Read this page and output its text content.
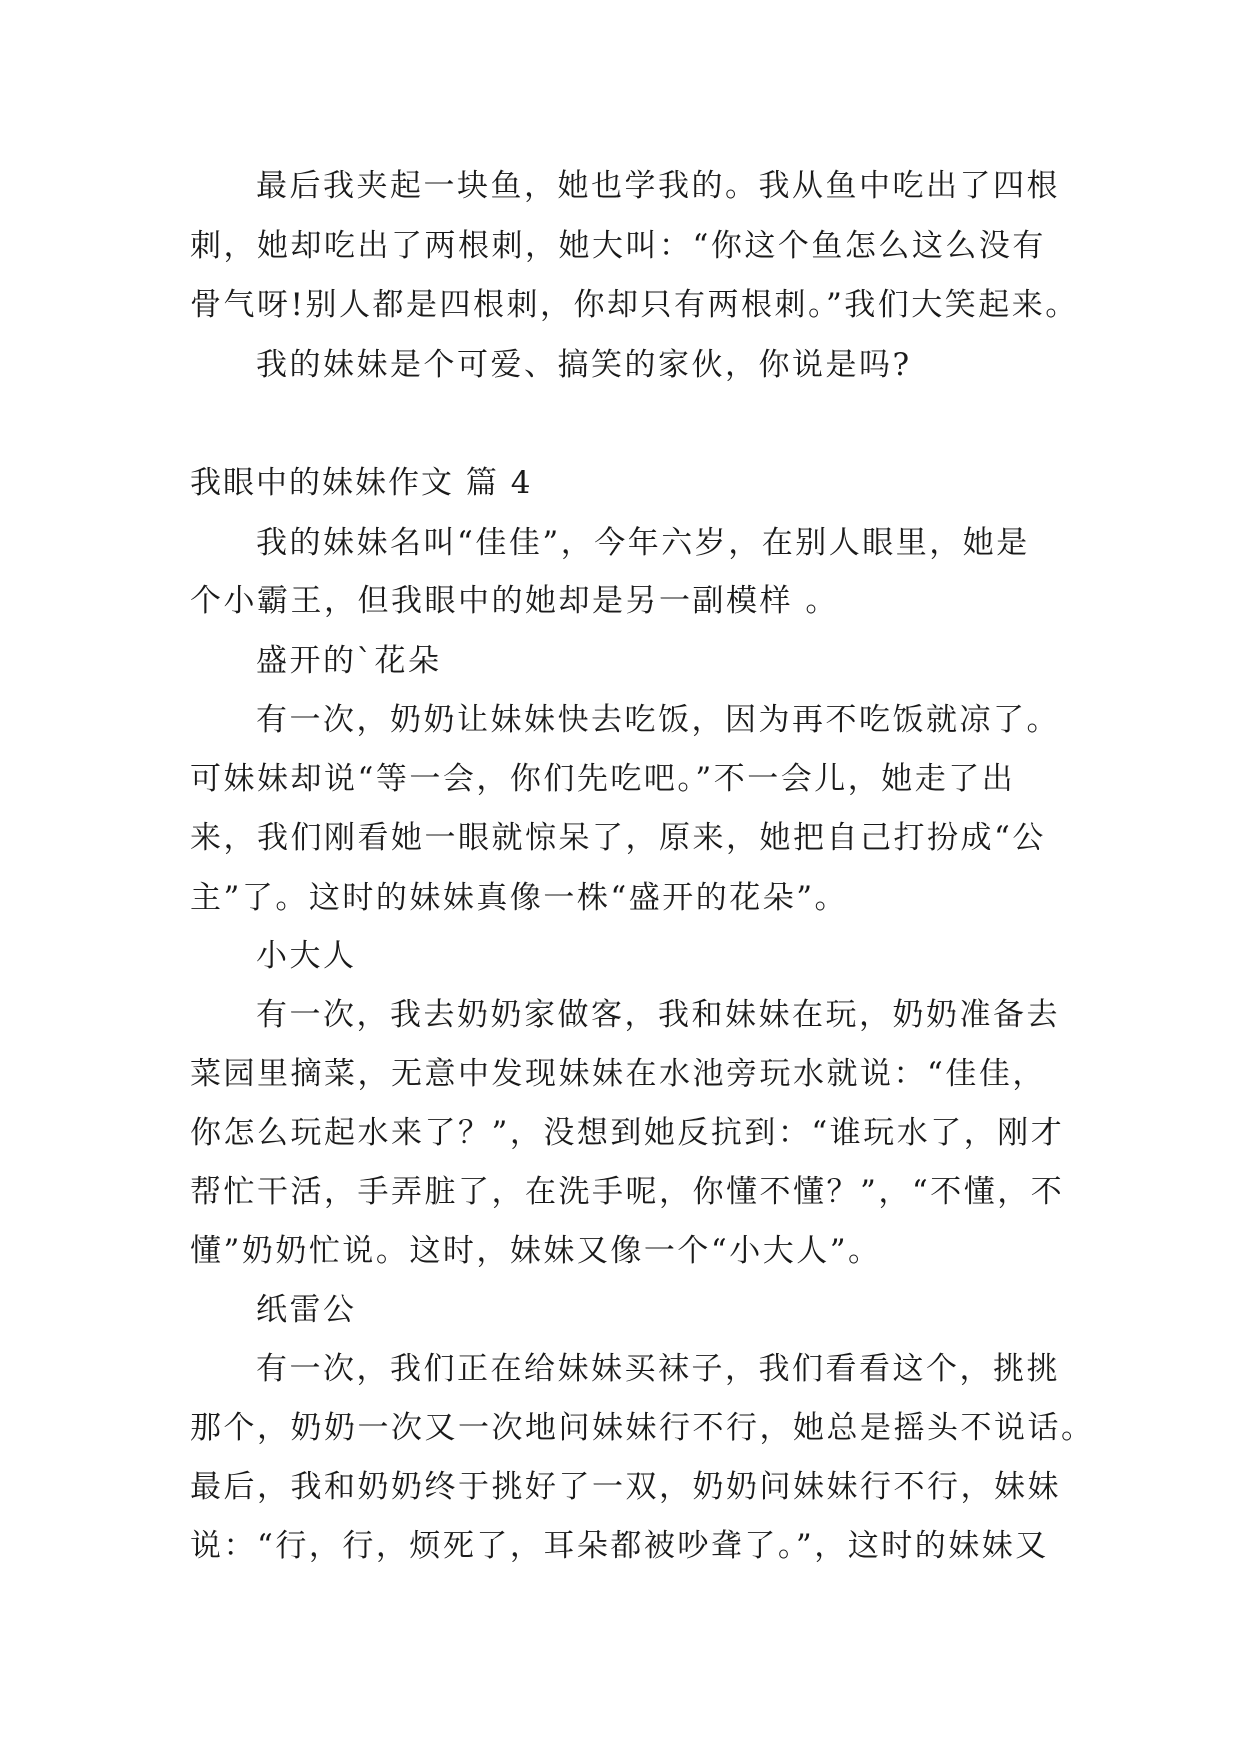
最后我夹起一块鱼，她也学我的。我从鱼中吃出了四根
刺，她却吃出了两根刺，她大叫：“你这个鱼怎么这么没有
骨气呀!别人都是四根刺，你却只有两根刺。”我们大笑起来。
我的妹妹是个可爱、搞笑的家伙，你说是吗?
我眼中的妹妹作文 篇 4
我的妹妹名叫“佳佳”，今年六岁，在别人眼里，她是
个小霸王，但我眼中的她却是另一副模样 。
盛开的`花朵
有一次，奶奶让妹妹快去吃饭，因为再不吃饭就凉了。
可妹妹却说“等一会，你们先吃吧。”不一会儿，她走了出
来，我们刚看她一眼就惊呆了，原来，她把自己打扮成“公
主”了。这时的妹妹真像一株“盛开的花朵”。
小大人
有一次，我去奶奶家做客，我和妹妹在玩，奶奶准备去
菜园里摘菜，无意中发现妹妹在水池旁玩水就说：“佳佳，
你怎么玩起水来了？”，没想到她反抗到：“谁玩水了，刚才
帮忙干活，手弄脏了，在洗手呢，你懂不懂？”，“不懂，不
懂”奶奶忙说。这时，妹妹又像一个“小大人”。
纸雷公
有一次，我们正在给妹妹买袜子，我们看看这个，挑挑
那个，奶奶一次又一次地问妹妹行不行，她总是摇头不说话。
最后，我和奶奶终于挑好了一双，奶奶问妹妹行不行，妹妹
说：“行，行，烦死了，耳朵都被吵聋了。”，这时的妹妹又
